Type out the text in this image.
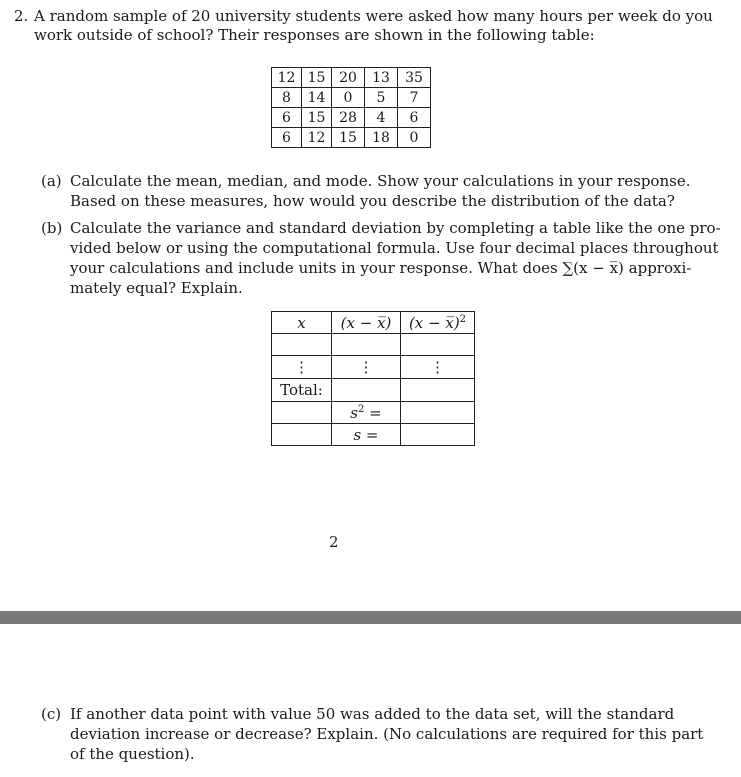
2. A random sample of 20 university students were asked how many hours per week do you
work outside of school? Their responses are shown in the following table:
12	15	20	13	35
8	14	0	5	7
6	15	28	4	6
6	12	15	18	0
(a) Calculate the mean, median, and mode. Show your calculations in your response.
Based on these measures, how would you describe the distribution of the data?
(b) Calculate the variance and standard deviation by completing a table like the one pro-
vided below or using the computational formula. Use four decimal places throughout
your calculations and include units in your response. What does ∑(x − x̅) approxi-
mately equal? Explain.
x	(x − x̅)	(x − x̅)$^2$

⋮	⋮	⋮
Total:		
	$s^2$ =	
	s =	
2
(c) If another data point with value 50 was added to the data set, will the standard
deviation increase or decrease? Explain. (No calculations are required for this part
of the question).
